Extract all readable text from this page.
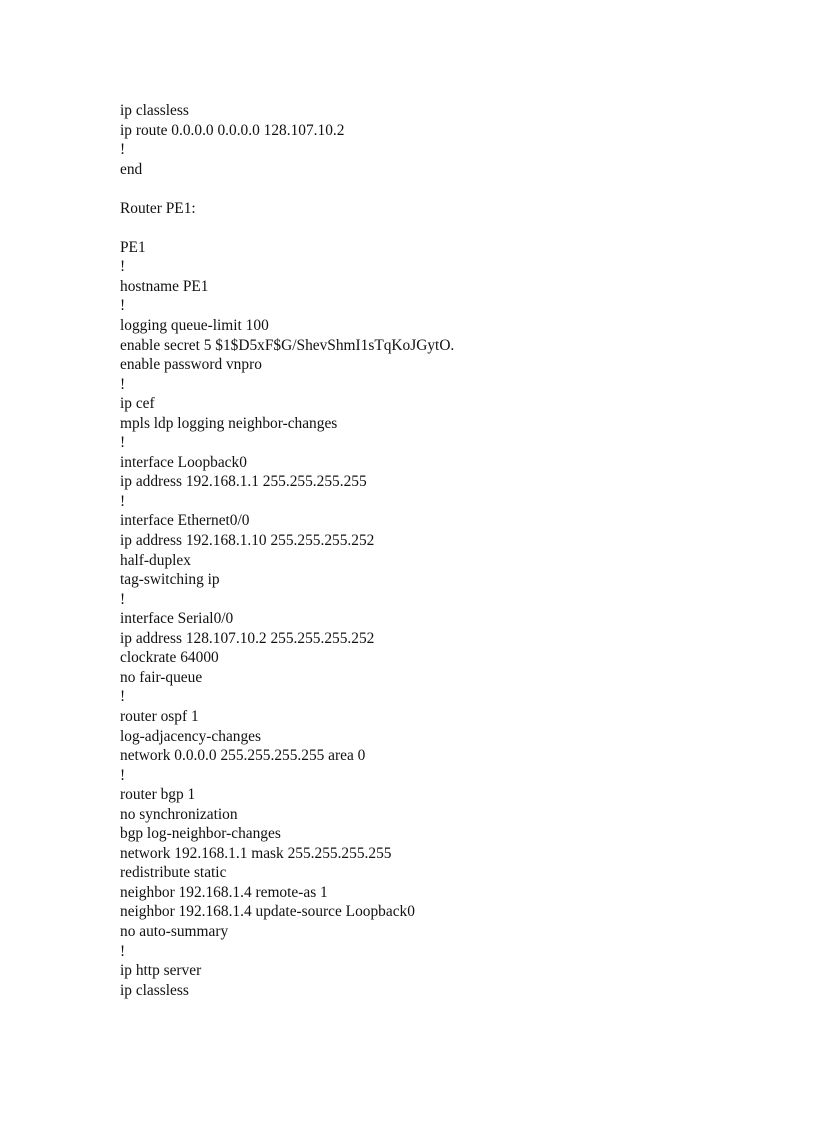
ip classless
ip route 0.0.0.0 0.0.0.0 128.107.10.2
!
end
Router PE1:
PE1
!
hostname PE1
!
logging queue-limit 100
enable secret 5 $1$D5xF$G/ShevShmI1sTqKoJGytO.
enable password vnpro
!
ip cef
mpls ldp logging neighbor-changes
!
interface Loopback0
ip address 192.168.1.1 255.255.255.255
!
interface Ethernet0/0
ip address 192.168.1.10 255.255.255.252
half-duplex
tag-switching ip
!
interface Serial0/0
ip address 128.107.10.2 255.255.255.252
clockrate 64000
no fair-queue
!
router ospf 1
log-adjacency-changes
network 0.0.0.0 255.255.255.255 area 0
!
router bgp 1
no synchronization
bgp log-neighbor-changes
network 192.168.1.1 mask 255.255.255.255
redistribute static
neighbor 192.168.1.4 remote-as 1
neighbor 192.168.1.4 update-source Loopback0
no auto-summary
!
ip http server
ip classless
